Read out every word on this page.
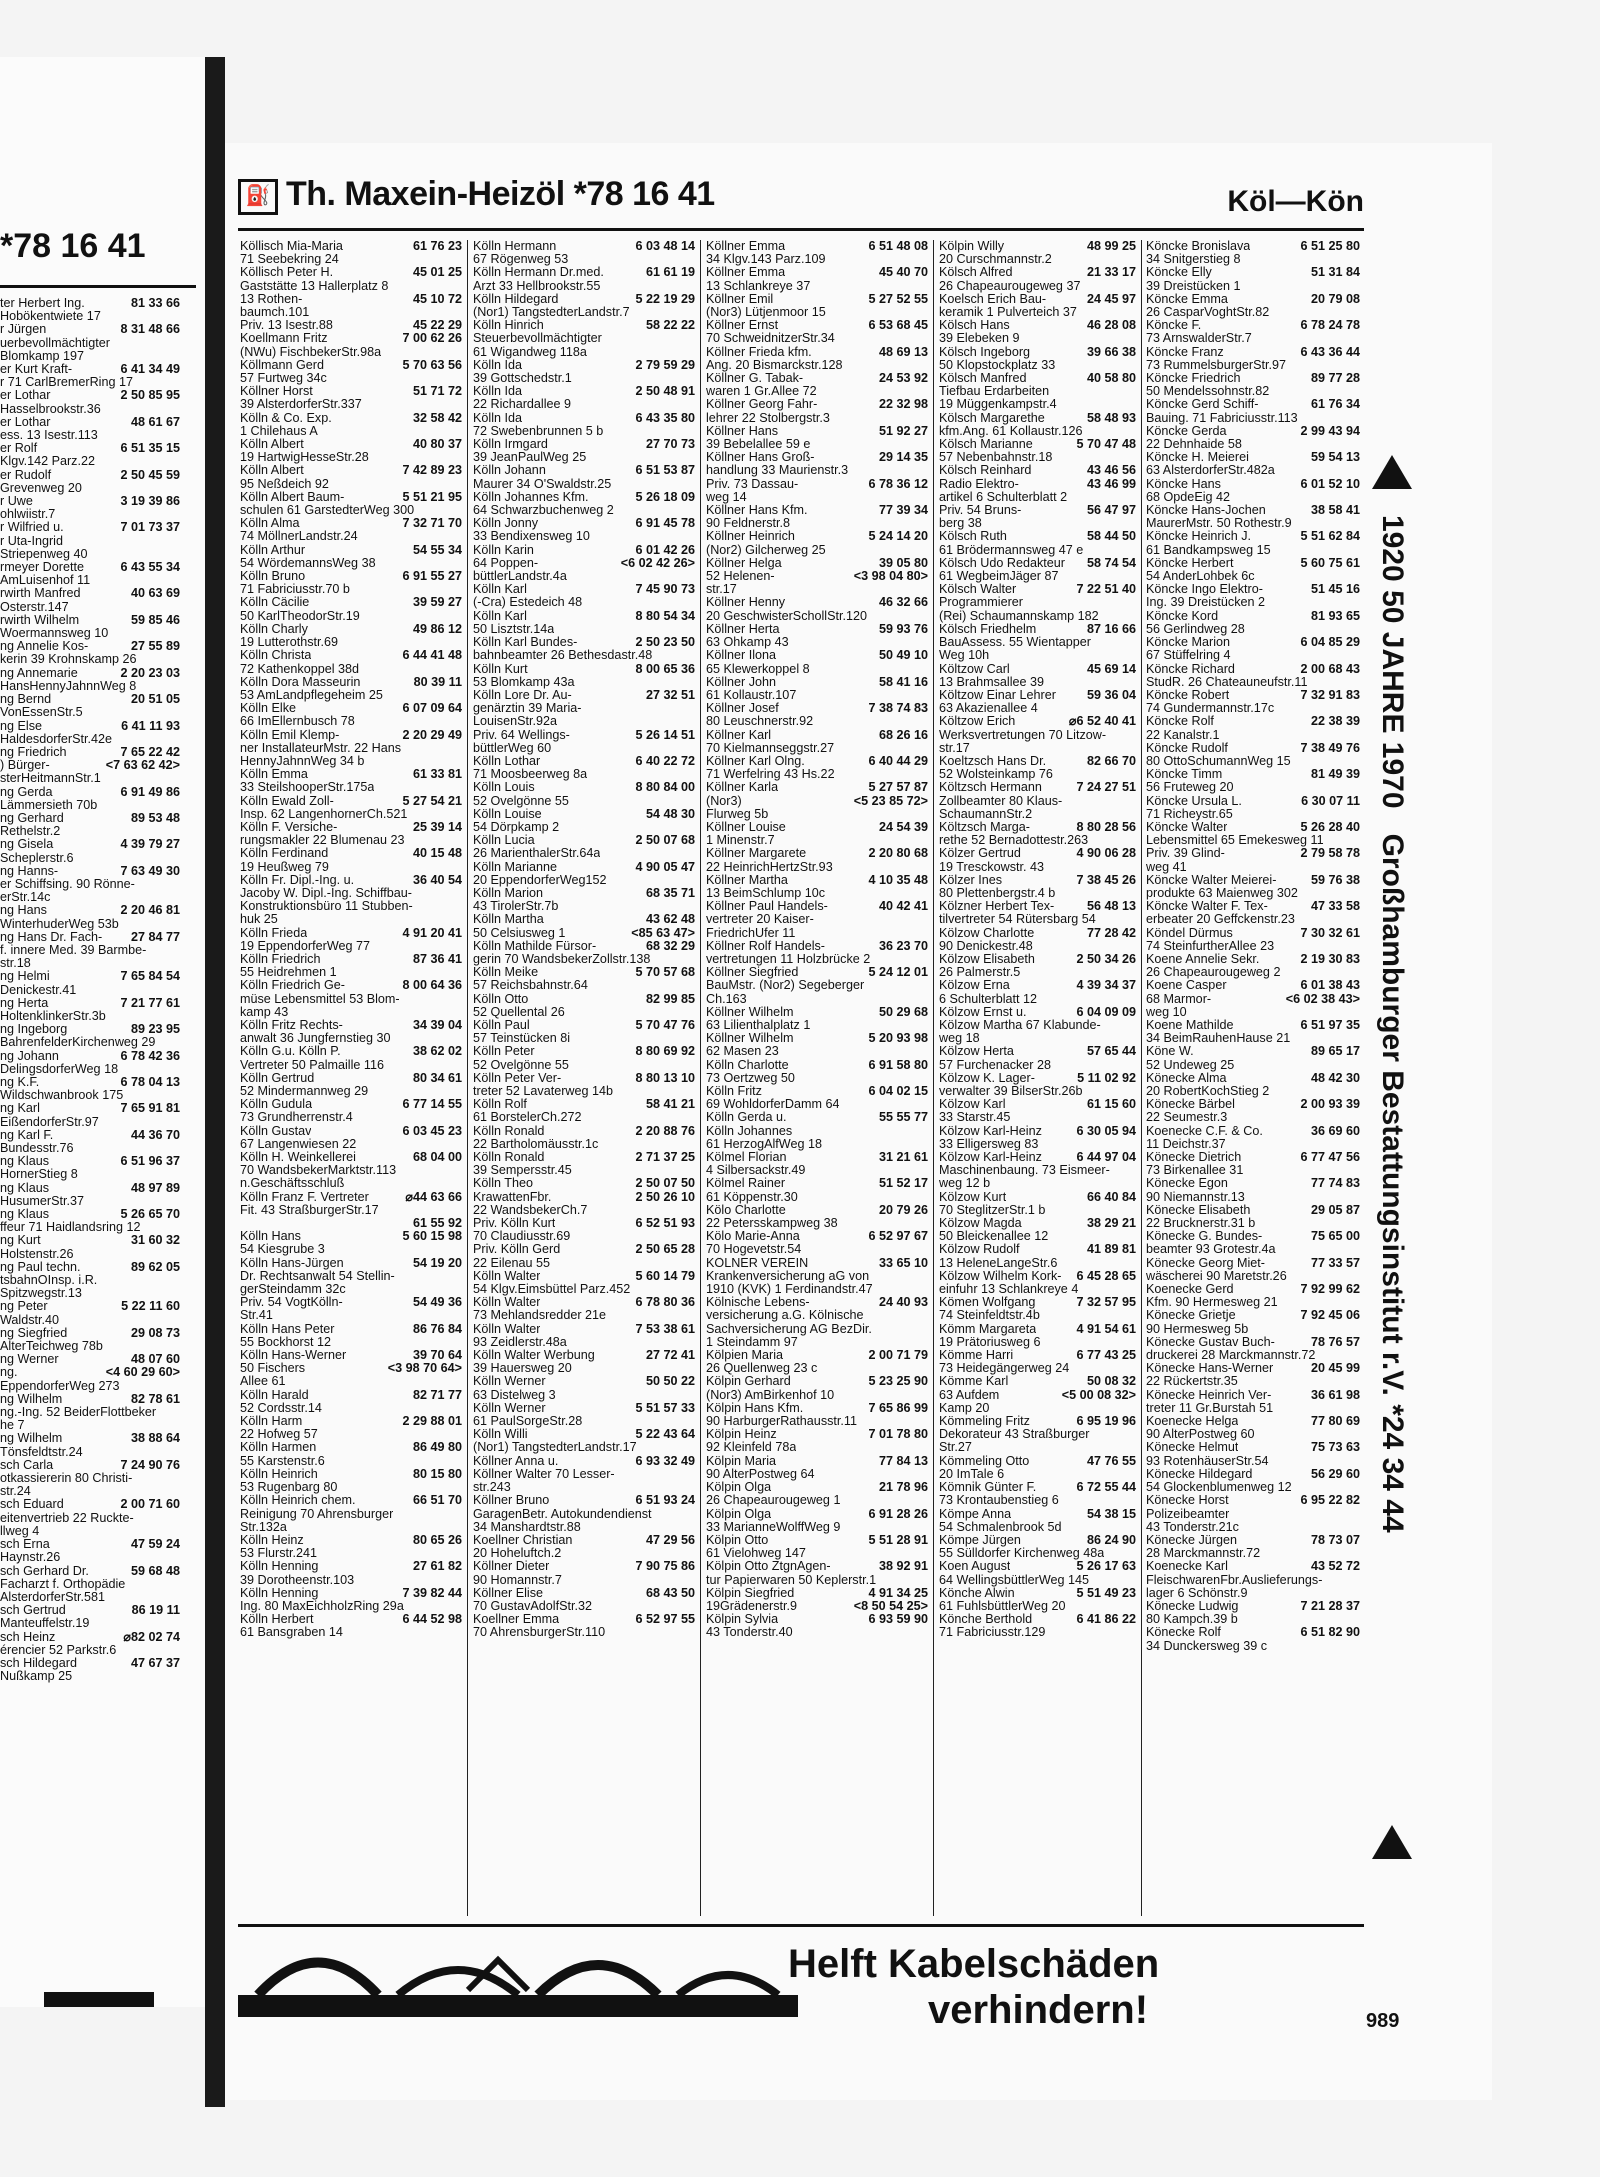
*78 16 41
ter Herbert Ing.	81 33 66
Hobökentwiete 17
r Jürgen	8 31 48 66
uerbevollmächtigter
Blomkamp 197
er Kurt Kraft-	6 41 34 49
r 71 CarlBremerRing 17
er Lothar	2 50 85 95
Hasselbrookstr.36
er Lothar	48 61 67
ess. 13 Isestr.113
er Rolf	6 51 35 15
Klgv.142 Parz.22
er Rudolf	2 50 45 59
Grevenweg 20
r Uwe	3 19 39 86
ohlwiistr.7
r Wilfried u.	7 01 73 37
r Uta-Ingrid
Striepenweg 40
rmeyer Dorette	6 43 55 34
AmLuisenhof 11
rwirth Manfred	40 63 69
Osterstr.147
rwirth Wilhelm	59 85 46
Woermannsweg 10
ng Annelie Kos-	27 55 89
kerin 39 Krohnskamp 26
ng Annemarie	2 20 23 03
HansHennyJahnnWeg 8
ng Bernd	20 51 05
VonEssenStr.5
ng Else	6 41 11 93
HaldesdorferStr.42e
ng Friedrich	7 65 22 42
) Bürger-	<7 63 62 42>
sterHeitmannStr.1
ng Gerda	6 91 49 86
Lämmersieth 70b
ng Gerhard	89 53 48
Rethelstr.2
ng Gisela	4 39 79 27
Scheplerstr.6
ng Hanns-	7 63 49 30
er Schiffsing. 90 Rönne-
erStr.14c
ng Hans	2 20 46 81
WinterhuderWeg 53b
ng Hans Dr. Fach- 27 84 77
f. innere Med. 39 Barmbe-
str.18
ng Helmi	7 65 84 54
Denickestr.41
ng Herta	7 21 77 61
HoltenklinkerStr.3b
ng Ingeborg	89 23 95
BahrenfelderKirchenweg 29
ng Johann	6 78 42 36
DelingsdorferWeg 18
ng K.F.	6 78 04 13
Wildschwanbrook 175
ng Karl	7 65 91 81
EißendorferStr.97
ng Karl F.	44 36 70
Bundesstr.76
ng Klaus	6 51 96 37
HornerStieg 8
ng Klaus	48 97 89
HusumerStr.37
ng Klaus	5 26 65 70
ffeur 71 Haidlandsring 12
ng Kurt	31 60 32
Holstenstr.26
ng Paul techn.	89 62 05
tsbahnOInsp. i.R.
Spitzwegstr.13
ng Peter	5 22 11 60
Waldstr.40
ng Siegfried	29 08 73
AlterTeichweg 78b
ng Werner	48 07 60
ng.	<4 60 29 60>
EppendorferWeg 273
ng Wilhelm	82 78 61
ng.-Ing. 52 BeiderFlottbeker
he 7
ng Wilhelm	38 88 64
Tönsfeldtstr.24
sch Carla	7 24 90 76
otkassiererin 80 Christi-
str.24
sch Eduard	2 00 71 60
eitenvertrieb 22 Ruckte-
llweg 4
sch Erna	47 59 24
Haynstr.26
sch Gerhard Dr.	59 68 48
Facharzt f. Orthopädie
AlsterdorferStr.581
sch Gertrud	86 19 11
Manteuffelstr.19
sch Heinz	⌀82 02 74
érencier 52 Parkstr.6
sch Hildegard	47 67 37
Nußkamp 25
⛽ Th. Maxein-Heizöl *78 16 41	Köl—Kön
Köllisch Mia-Maria	61 76 23
71 Seebekring 24
Köllisch Peter H.	45 01 25
Gaststätte 13 Hallerplatz 8
13 Rothen-	45 10 72
baumch.101
Priv. 13 Isestr.88	45 22 29
Koellmann Fritz	7 00 62 26
(NWu) FischbekerStr.98a
Köllmann Gerd	5 70 63 56
57 Furtweg 34c
Köllner Horst	51 71 72
39 AlsterdorferStr.337
Kölln & Co. Exp.	32 58 42
1 Chilehaus A
Kölln Albert	40 80 37
19 HartwigHesseStr.28
Kölln Albert	7 42 89 23
95 Neßdeich 92
Kölln Albert Baum-	5 51 21 95
schulen 61 GarstedterWeg 300
Kölln Alma	7 32 71 70
74 MöllnerLandstr.24
Kölln Arthur	54 55 34
54 WördemannsWeg 38
Kölln Bruno	6 91 55 27
71 Fabriciusstr.70 b
Kölln Cäcilie	39 59 27
50 KarlTheodorStr.19
Kölln Charly	49 86 12
19 Lutterothstr.69
Kölln Christa	6 44 41 48
72 Kathenkoppel 38d
Kölln Dora Masseurin	80 39 11
53 AmLandpflegeheim 25
Kölln Elke	6 07 09 64
66 ImEllernbusch 78
Kölln Emil Klemp-	2 20 29 49
ner InstallateurMstr. 22 Hans
HennyJahnnWeg 34 b
Kölln Emma	61 33 81
33 SteilshooperStr.175a
Kölln Ewald Zoll-	5 27 54 21
Insp. 62 LangenhornerCh.521
Kölln F. Versiche-	25 39 14
rungsmakler 22 Blumenau 23
Kölln Ferdinand	40 15 48
19 Heußweg 79
Kölln Fr. Dipl.-Ing. u.	36 40 54
Jacoby W. Dipl.-Ing. Schiffbau-
Konstruktionsbüro 11 Stubben-
huk 25
Kölln Frieda	4 91 20 41
19 EppendorferWeg 77
Kölln Friedrich	87 36 41
55 Heidrehmen 1
Kölln Friedrich Ge-	8 00 64 36
müse Lebensmittel 53 Blom-
kamp 43
Kölln Fritz Rechts-	34 39 04
anwalt 36 Jungfernstieg 30
Kölln G.u. Kölln P.	38 62 02
Vertreter 50 Palmaille 116
Kölln Gertrud	80 34 61
52 Mindermannweg 29
Kölln Gudula	6 77 14 55
73 Grundherrenstr.4
Kölln Gustav	6 03 45 23
67 Langenwiesen 22
Kölln H. Weinkellerei	68 04 00
70 WandsbekerMarktstr.113
n.Geschäftsschluß
Kölln Franz F. Vertreter	⌀44 63 66
Fit. 43 StraßburgerStr.17
61 55 92
Kölln Hans	5 60 15 98
54 Kiesgrube 3
Kölln Hans-Jürgen	54 19 20
Dr. Rechtsanwalt 54 Stellin-
gerSteindamm 32c
Priv. 54 VogtKölln-	54 49 36
Str.41
Kölln Hans Peter	86 76 84
55 Bockhorst 12
Kölln Hans-Werner	39 70 64
50 Fischers	<3 98 70 64>
Allee 61
Kölln Harald	82 71 77
52 Cordsstr.14
Kölln Harm	2 29 88 01
22 Hofweg 57
Kölln Harmen	86 49 80
55 Karstenstr.6
Kölln Heinrich	80 15 80
53 Rugenbarg 80
Kölln Heinrich chem.	66 51 70
Reinigung 70 Ahrensburger
Str.132a
Kölln Heinz	80 65 26
53 Flurstr.241
Kölln Henning	27 61 82
39 Dorotheenstr.103
Kölln Henning	7 39 82 44
Ing. 80 MaxEichholzRing 29a
Kölln Herbert	6 44 52 98
61 Bansgraben 14
Kölln Hermann	6 03 48 14
67 Rögenweg 53
Kölln Hermann Dr.med.	61 61 19
Arzt 33 Hellbrookstr.55
Kölln Hildegard	5 22 19 29
(Nor1) TangstedterLandstr.7
Kölln Hinrich	58 22 22
Steuerbevollmächtigter
61 Wigandweg 118a
Kölln Ida	2 79 59 29
39 Gottschedstr.1
Kölln Ida	2 50 48 91
22 Richardallee 9
Kölln Ida	6 43 35 80
72 Swebenbrunnen 5 b
Kölln Irmgard	27 70 73
39 JeanPaulWeg 25
Kölln Johann	6 51 53 87
Maurer 34 O'Swaldstr.25
Kölln Johannes Kfm.	5 26 18 09
64 Schwarzbuchenweg 2
Kölln Jonny	6 91 45 78
33 Bendixensweg 10
Kölln Karin	6 01 42 26
64 Poppen-	<6 02 42 26>
büttlerLandstr.4a
Kölln Karl	7 45 90 73
(-Cra) Estedeich 48
Kölln Karl	8 80 54 34
50 Lisztstr.14a
Kölln Karl Bundes-	2 50 23 50
bahnbeamter 26 Bethesdastr.48
Kölln Kurt	8 00 65 36
53 Blomkamp 43a
Kölln Lore Dr. Au-	27 32 51
genärztin 39 Maria-
LouisenStr.92a
Priv. 64 Wellings-	5 26 14 51
büttlerWeg 60
Kölln Lothar	6 40 22 72
71 Moosbeerweg 8a
Kölln Louis	8 80 84 00
52 Ovelgönne 55
Kölln Louise	54 48 30
54 Dörpkamp 2
Kölln Lucia	2 50 07 68
26 MarienthalerStr.64a
Kölln Marianne	4 90 05 47
20 EppendorferWeg152
Kölln Marion	68 35 71
43 TirolerStr.7b
Kölln Martha	43 62 48
50 Celsiusweg 1	<85 63 47>
Kölln Mathilde Fürsor-	68 32 29
gerin 70 WandsbekerZollstr.138
Kölln Meike	5 70 57 68
57 Reichsbahnstr.64
Kölln Otto	82 99 85
52 Quellental 26
Kölln Paul	5 70 47 76
57 Teinstücken 8i
Kölln Peter	8 80 69 92
52 Ovelgönne 55
Kölln Peter Ver-	8 80 13 10
treter 52 Lavaterweg 14b
Kölln Rolf	58 41 21
61 BorstelerCh.272
Kölln Ronald	2 20 88 76
22 Bartholomäusstr.1c
Kölln Ronald	2 71 37 25
39 Sempersstr.45
Kölln Theo	2 50 07 50
KrawattenFbr.	2 50 26 10
22 WandsbekerCh.7
Priv. Kölln Kurt	6 52 51 93
70 Claudiusstr.69
Priv. Kölln Gerd	2 50 65 28
22 Eilenau 55
Kölln Walter	5 60 14 79
54 Klgv.Eimsbüttel Parz.452
Kölln Walter	6 78 80 36
73 Mehlandsredder 21e
Kölln Walter	7 53 38 61
93 Zeidlerstr.48a
Kölln Walter Werbung	27 72 41
39 Hauersweg 20
Kölln Werner	50 50 22
63 Distelweg 3
Kölln Werner	5 51 57 33
61 PaulSorgeStr.28
Kölln Willi	5 22 43 64
(Nor1) TangstedterLandstr.17
Köllner Anna u.	6 93 32 49
Köllner Walter 70 Lesser-
str.243
Köllner Bruno	6 51 93 24
GaragenBetr. Autokundendienst
34 Manshardtstr.88
Koellner Christian	47 29 56
20 Hoheluftch.2
Köllner Dieter	7 90 75 86
90 Homannstr.7
Köllner Elise	68 43 50
70 GustavAdolfStr.32
Koellner Emma	6 52 97 55
70 AhrensburgerStr.110
Köllner Emma	6 51 48 08
34 Klgv.143 Parz.109
Köllner Emma	45 40 70
13 Schlankreye 37
Köllner Emil	5 27 52 55
(Nor3) Lütjenmoor 15
Köllner Ernst	6 53 68 45
70 SchweidnitzerStr.34
Köllner Frieda kfm.	48 69 13
Ang. 20 Bismarckstr.128
Köllner G. Tabak-	24 53 92
waren 1 Gr.Allee 72
Köllner Georg Fahr-	22 32 98
lehrer 22 Stolbergstr.3
Köllner Hans	51 92 27
39 Bebelallee 59 e
Köllner Hans Groß-	29 14 35
handlung 33 Maurienstr.3
Priv. 73 Dassau-	6 78 36 12
weg 14
Köllner Hans Kfm.	77 39 34
90 Feldnerstr.8
Köllner Heinrich	5 24 14 20
(Nor2) Gilcherweg 25
Köllner Helga	39 05 80
52 Helenen-	<3 98 04 80>
str.17
Köllner Henny	46 32 66
20 GeschwisterSchollStr.120
Köllner Herta	59 93 76
63 Ohkamp 43
Köllner Ilona	50 49 10
65 Klewerkoppel 8
Köllner John	58 41 16
61 Kollaustr.107
Köllner Josef	7 38 74 83
80 Leuschnerstr.92
Köllner Karl	68 26 16
70 Kielmannseggstr.27
Köllner Karl Olng.	6 40 44 29
71 Werfelring 43 Hs.22
Köllner Karla	5 27 57 87
(Nor3)	<5 23 85 72>
Flurweg 5b
Köllner Louise	24 54 39
1 Minenstr.7
Köllner Margarete	2 20 80 68
22 HeinrichHertzStr.93
Köllner Martha	4 10 35 48
13 BeimSchlump 10c
Köllner Paul Handels-	40 42 41
vertreter 20 Kaiser-
FriedrichUfer 11
Köllner Rolf Handels-	36 23 70
vertretungen 11 Holzbrücke 2
Köllner Siegfried	5 24 12 01
BauMstr. (Nor2) Segeberger
Ch.163
Köllner Wilhelm	50 29 68
63 Lilienthalplatz 1
Köllner Wilhelm	5 20 93 98
62 Masen 23
Kölln Charlotte	6 91 58 80
73 Oertzweg 50
Kölln Fritz	6 04 02 15
69 WohldorferDamm 64
Kölln Gerda u.	55 55 77
Kölln Johannes
61 HerzogAlfWeg 18
Kölmel Florian	31 21 61
4 Silbersackstr.49
Kölmel Rainer	51 52 17
61 Köppenstr.30
Kölo Charlotte	20 79 26
22 Petersskampweg 38
Kölo Marie-Anna	6 52 97 67
70 Hogevetstr.54
KÖLNER VEREIN	33 65 10
Krankenversicherung aG von
1910 (KVK) 1 Ferdinandstr.47
Kölnische Lebens-	24 40 93
versicherung a.G. Kölnische
Sachversicherung AG BezDir.
1 Steindamm 97
Kölpien Maria	2 00 71 79
26 Quellenweg 23 c
Kölpin Gerhard	5 23 25 90
(Nor3) AmBirkenhof 10
Kölpin Hans Kfm.	7 65 86 99
90 HarburgerRathausstr.11
Kölpin Heinz	7 01 78 80
92 Kleinfeld 78a
Kölpin Maria	77 84 13
90 AlterPostweg 64
Kölpin Olga	21 78 96
26 Chapeaurougeweg 1
Kölpin Olga	6 91 28 26
33 MarianneWolffWeg 9
Kölpin Otto	5 51 28 91
61 Vielohweg 147
Kölpin Otto ZtgnAgen-	38 92 91
tur Papierwaren 50 Keplerstr.1
Kölpin Siegfried	4 91 34 25
19Grädenerstr.9	<8 50 54 25>
Kölpin Sylvia	6 93 59 90
43 Tonderstr.40
Kölpin Willy	48 99 25
20 Curschmannstr.2
Kölsch Alfred	21 33 17
26 Chapeaurougeweg 37
Koelsch Erich Bau-	24 45 97
keramik 1 Pulverteich 37
Kölsch Hans	46 28 08
39 Elebeken 9
Kölsch Ingeborg	39 66 38
50 Klopstockplatz 33
Kölsch Manfred	40 58 80
Tiefbau Erdarbeiten
19 Müggenkampstr.4
Kölsch Margarethe	58 48 93
kfm.Ang. 61 Kollaustr.126
Kölsch Marianne	5 70 47 48
57 Nebenbahnstr.18
Kölsch Reinhard	43 46 56
Radio Elektro-	43 46 99
artikel 6 Schulterblatt 2
Priv. 54 Bruns-	56 47 97
berg 38
Kölsch Ruth	58 44 50
61 Brödermannsweg 47 e
Kölsch Udo Redakteur 58 74 54
61 WegbeimJäger 87
Kölsch Walter	7 22 51 40
Programmierer
(Rei) Schaumannskamp 182
Kölsch Friedhelm	87 16 66
BauAssess. 55 Wientapper
Weg 10h
Költzow Carl	45 69 14
13 Brahmsallee 39
Költzow Einar Lehrer 59 36 04
63 Akazienallee 4
Költzow Erich	⌀6 52 40 41
Werksvertretungen 70 Litzow-
str.17
Koeltzsch Hans Dr.	82 66 70
52 Wolsteinkamp 76
Költzsch Hermann	7 24 27 51
Zollbeamter 80 Klaus-
SchaumannStr.2
Költzsch Marga-	8 80 28 56
rethe 52 Bernadottestr.263
Kölzer Gertrud	4 90 06 28
19 Tresckowstr. 43
Kölzer Ines	7 38 45 26
80 Plettenbergstr.4 b
Kölzner Herbert Tex-	56 48 13
tilvertreter 54 Rütersbarg 54
Kölzow Charlotte	77 28 42
90 Denickestr.48
Kölzow Elisabeth	2 50 34 26
26 Palmerstr.5
Kölzow Erna	4 39 34 37
6 Schulterblatt 12
Kölzow Ernst u.	6 04 09 09
Kölzow Martha 67 Klabunde-
weg 18
Kölzow Herta	57 65 44
57 Furchenacker 28
Kölzow K. Lager-	5 11 02 92
verwalter 39 BilserStr.26b
Kölzow Karl	61 15 60
33 Starstr.45
Kölzow Karl-Heinz	6 30 05 94
33 Elligersweg 83
Kölzow Karl-Heinz	6 44 97 04
Maschinenbaung. 73 Eismeer-
weg 12 b
Kölzow Kurt	66 40 84
70 SteglitzerStr.1 b
Kölzow Magda	38 29 21
50 Bleickenallee 12
Kölzow Rudolf	41 89 81
13 HeleneLangeStr.6
Kölzow Wilhelm Kork- 6 45 28 65
einfuhr 13 Schlankreye 4
Kömen Wolfgang	7 32 57 95
74 Steinfeldtstr.4b
Kömm Margareta	4 91 54 61
19 Prätoriusweg 6
Kömme Harri	6 77 43 25
73 Heidegängerweg 24
Kömme Karl	50 08 32
63 Aufdem	<5 00 08 32>
Kamp 20
Kömmeling Fritz	6 95 19 96
Dekorateur 43 Straßburger
Str.27
Kömmeling Otto	47 76 55
20 ImTale 6
Kömnik Günter F.	6 72 55 44
73 Krontaubenstieg 6
Kömpe Anna	54 38 15
54 Schmalenbrook 5d
Kömpe Jürgen	86 24 90
55 Sülldorfer Kirchenweg 48a
Koen August	5 26 17 63
64 WellingsbüttlerWeg 145
Könche Alwin	5 51 49 23
61 FuhlsbüttlerWeg 20
Könche Berthold	6 41 86 22
71 Fabriciusstr.129
Köncke Bronislava	6 51 25 80
34 Snitgerstieg 8
Köncke Elly	51 31 84
39 Dreistücken 1
Köncke Emma	20 79 08
26 CasparVoghtStr.82
Köncke F.	6 78 24 78
73 ArnswalderStr.7
Köncke Franz	6 43 36 44
73 RummelsburgerStr.97
Köncke Friedrich	89 77 28
50 Mendelssohnstr.82
Köncke Gerd Schiff-	61 76 34
Bauing. 71 Fabriciusstr.113
Köncke Gerda	2 99 43 94
22 Dehnhaide 58
Köncke H. Meierei	59 54 13
63 AlsterdorferStr.482a
Köncke Hans	6 01 52 10
68 OpdeEig 42
Köncke Hans-Jochen	38 58 41
MaurerMstr. 50 Rothestr.9
Köncke Heinrich J.	5 51 62 84
61 Bandkampsweg 15
Köncke Herbert	5 60 75 61
54 AnderLohbek 6c
Köncke Ingo Elektro-	51 45 16
Ing. 39 Dreistücken 2
Köncke Kord	81 93 65
56 Gerlindweg 28
Köncke Marion	6 04 85 29
67 Stüffelring 4
Köncke Richard	2 00 68 43
StudR. 26 Chateauneufstr.11
Köncke Robert	7 32 91 83
74 Gundermannstr.17c
Köncke Rolf	22 38 39
22 Kanalstr.1
Köncke Rudolf	7 38 49 76
80 OttoSchumannWeg 15
Köncke Timm	81 49 39
56 Fruteweg 20
Köncke Ursula L.	6 30 07 11
71 Richeystr.65
Köncke Walter	5 26 28 40
Lebensmittel 65 Emekesweg 11
Priv. 39 Glind-	2 79 58 78
weg 41
Köncke Walter Meierei-	59 76 38
produkte 63 Maienweg 302
Köncke Walter F. Tex-	47 33 58
erbeater 20 Geffckenstr.23
Köndel Dürmus	7 30 32 61
74 SteinfurtherAllee 23
Koene Annelie Sekr.	2 19 30 83
26 Chapeaurougeweg 2
Koene Casper	6 01 38 43
68 Marmor-	<6 02 38 43>
weg 10
Koene Mathilde	6 51 97 35
34 BeimRauhenHause 21
Köne W.	89 65 17
52 Undeweg 25
Könecke Alma	48 42 30
20 RobertKochStieg 2
Könecke Bärbel	2 00 93 39
22 Seumestr.3
Koenecke C.F. & Co.	36 69 60
11 Deichstr.37
Könecke Dietrich	6 77 47 56
73 Birkenallee 31
Könecke Egon	77 74 83
90 Niemannstr.13
Könecke Elisabeth	29 05 87
22 Brucknerstr.31 b
Könecke G. Bundes-	75 65 00
beamter 93 Grotestr.4a
Könecke Georg Miet-	77 33 57
wäscherei 90 Maretstr.26
Koenecke Gerd	7 92 99 62
Kfm. 90 Hermesweg 21
Könecke Grietje	7 92 45 06
90 Hermesweg 5b
Könecke Gustav Buch-	78 76 57
druckerei 28 Marckmannstr.72
Könecke Hans-Werner	20 45 99
22 Rückertstr.35
Könecke Heinrich Ver-	36 61 98
treter 11 Gr.Burstah 51
Koenecke Helga	77 80 69
90 AlterPostweg 60
Könecke Helmut	75 73 63
93 RotenhäuserStr.54
Könecke Hildegard	56 29 60
54 Glockenblumenweg 12
Könecke Horst	6 95 22 82
Polizeibeamter
43 Tonderstr.21c
Könecke Jürgen	78 73 07
28 Marckmannstr.72
Koenecke Karl	43 52 72
FleischwarenFbr.Auslieferungs-
lager 6 Schönstr.9
Könecke Ludwig	7 21 28 37
80 Kampch.39 b
Könecke Rolf	6 51 82 90
34 Dunckersweg 39 c
1920 50 JAHRE 1970   Großhamburger Bestattungsinstitut r.V. *24 34 44
Helft Kabelschäden
verhindern!	989
